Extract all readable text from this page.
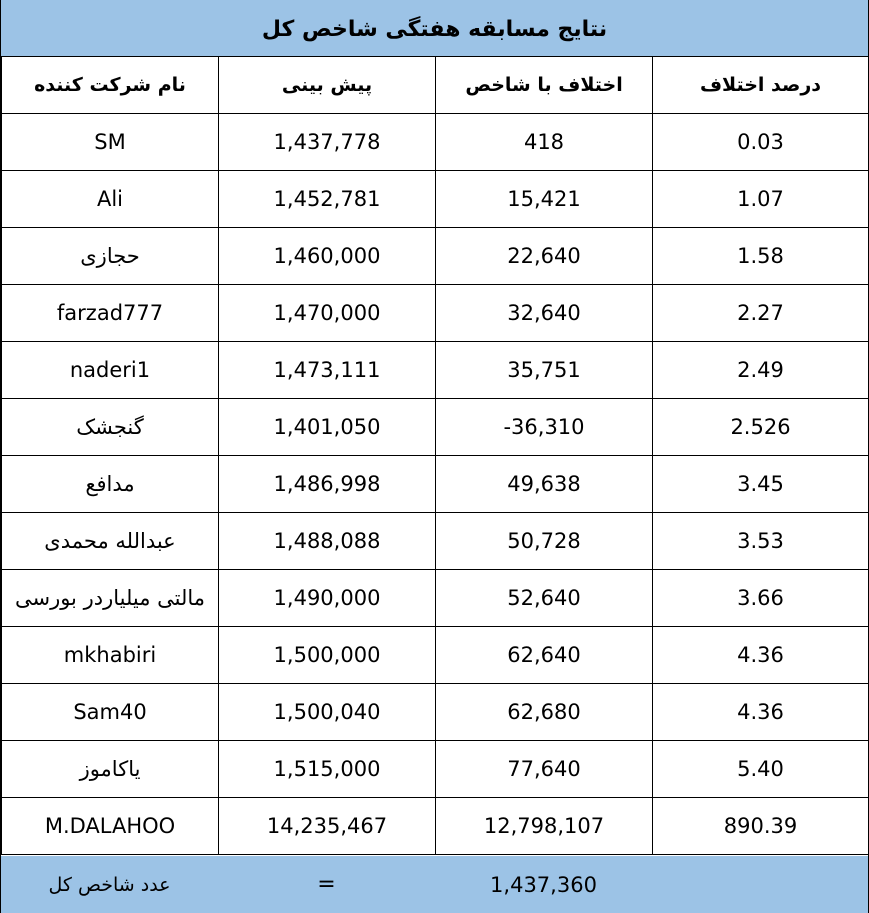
نتایج مسابقه هفتگی شاخص کل
درصد اختلاف
اختلاف با شاخص
پیش بینی
نام شرکت کننده
0.03
418
1,437,778
SM
1.07
15,421
1,452,781
Ali
1.58
22,640
1,460,000
حجازی
2.27
32,640
1,470,000
farzad777
2.49
35,751
1,473,111
naderi1
2.526
-36,310
1,401,050
گنجشک
3.45
49,638
1,486,998
مدافع
3.53
50,728
1,488,088
عبدالله محمدی
3.66
52,640
1,490,000
مالتی میلیاردر بورسی
4.36
62,640
1,500,000
mkhabiri
4.36
62,680
1,500,040
Sam40
5.40
77,640
1,515,000
یاکاموز
890.39
12,798,107
14,235,467
M.DALAHOO
عدد شاخص کل	=	1,437,360
